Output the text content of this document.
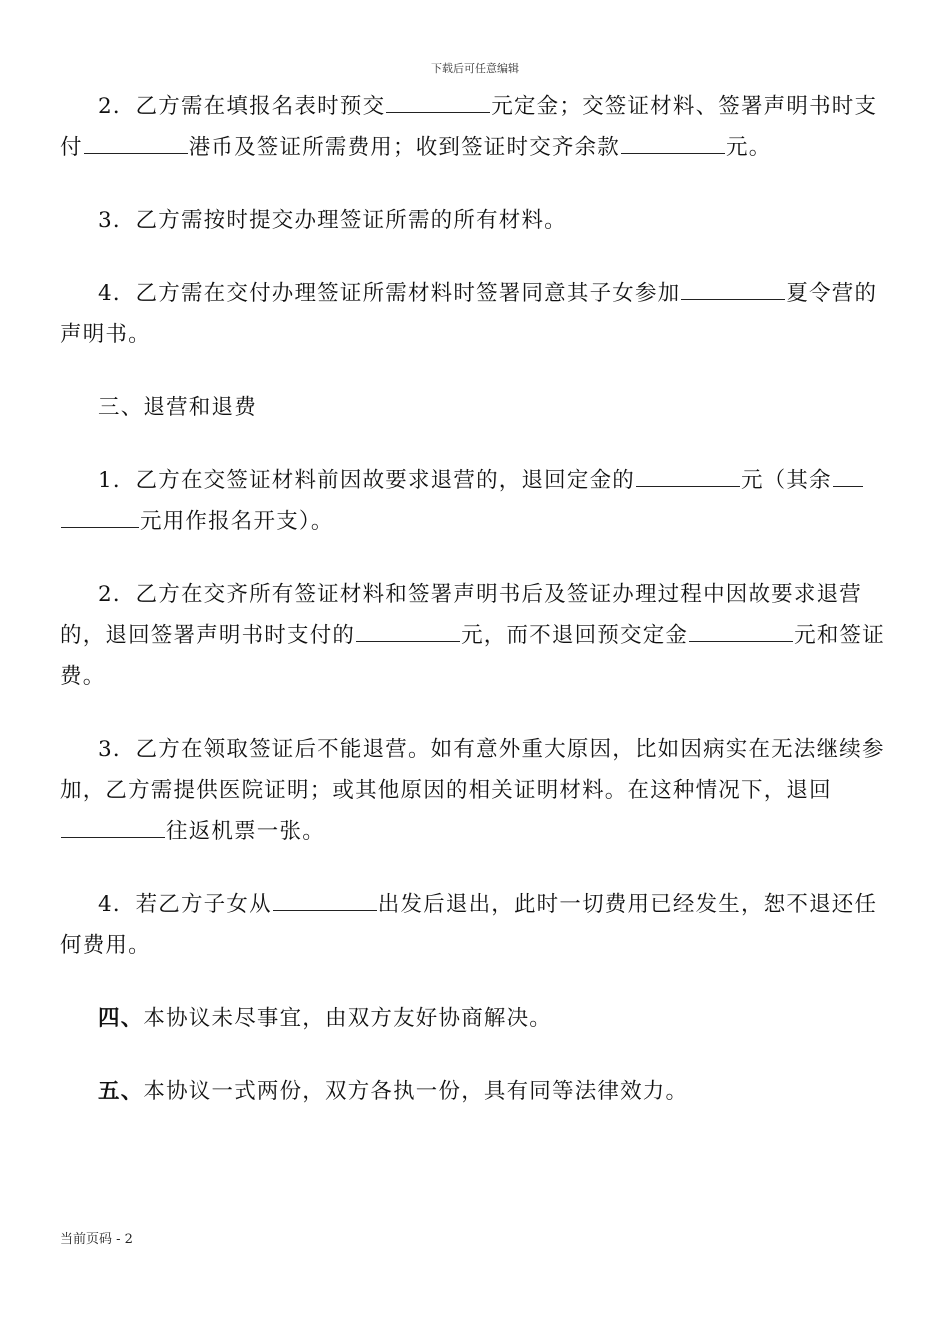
下载后可任意编辑

2．乙方需在填报名表时预交	元定金；交签证材料、签署声明书时支付	港币及签证所需费用；收到签证时交齐余款	元。

3．乙方需按时提交办理签证所需的所有材料。

4．乙方需在交付办理签证所需材料时签署同意其子女参加	夏令营的声明书。

三、退营和退费

1．乙方在交签证材料前因故要求退营的，退回定金的	元（其余元用作报名开支）。

2．乙方在交齐所有签证材料和签署声明书后及签证办理过程中因故要求退营的，退回签署声明书时支付的	元，而不退回预交定金	元和签证费。

3．乙方在领取签证后不能退营。如有意外重大原因，比如因病实在无法继续参加，乙方需提供医院证明；或其他原因的相关证明材料。在这种情况下，退回往返机票一张。

4．若乙方子女从	出发后退出，此时一切费用已经发生，恕不退还任何费用。

四、本协议未尽事宜，由双方友好协商解决。

五、本协议一式两份，双方各执一份，具有同等法律效力。

当前页码 - 2
